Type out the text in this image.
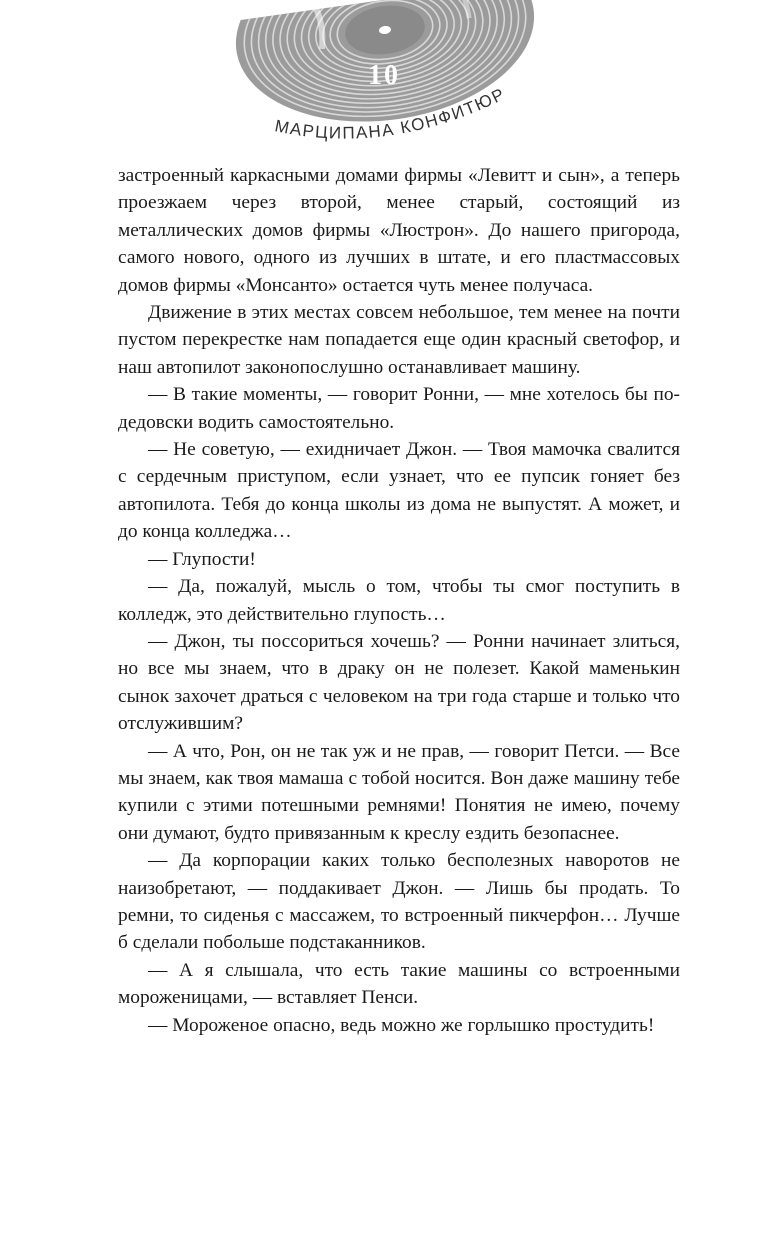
МАРЦИПАНА КОНФИТЮР
10

застроенный каркасными домами фирмы «Левитт и сын», а теперь проезжаем через второй, менее старый, состоящий из металлических домов фирмы «Люстрон». До нашего пригорода, самого нового, одного из лучших в штате, и его пластмассовых домов фирмы «Монсанто» остается чуть менее получаса.

Движение в этих местах совсем небольшое, тем менее на почти пустом перекрестке нам попадается еще один красный светофор, и наш автопилот законопослушно останавливает машину.

— В такие моменты, — говорит Ронни, — мне хотелось бы по-дедовски водить самостоятельно.

— Не советую, — ехидничает Джон. — Твоя мамочка свалится с сердечным приступом, если узнает, что ее пупсик гоняет без автопилота. Тебя до конца школы из дома не выпустят. А может, и до конца колледжа…

— Глупости!

— Да, пожалуй, мысль о том, чтобы ты смог поступить в колледж, это действительно глупость…

— Джон, ты поссориться хочешь? — Ронни начинает злиться, но все мы знаем, что в драку он не полезет. Какой маменькин сынок захочет драться с человеком на три года старше и только что отслужившим?

— А что, Рон, он не так уж и не прав, — говорит Петси. — Все мы знаем, как твоя мамаша с тобой носится. Вон даже машину тебе купили с этими потешными ремнями! Понятия не имею, почему они думают, будто привязанным к креслу ездить безопаснее.

— Да корпорации каких только бесполезных наворотов не наизобретают, — поддакивает Джон. — Лишь бы продать. То ремни, то сиденья с массажем, то встроенный пикчерфон… Лучше б сделали побольше подстаканников.

— А я слышала, что есть такие машины со встроенными мороженицами, — вставляет Пенси.

— Мороженое опасно, ведь можно же горлышко простудить!
